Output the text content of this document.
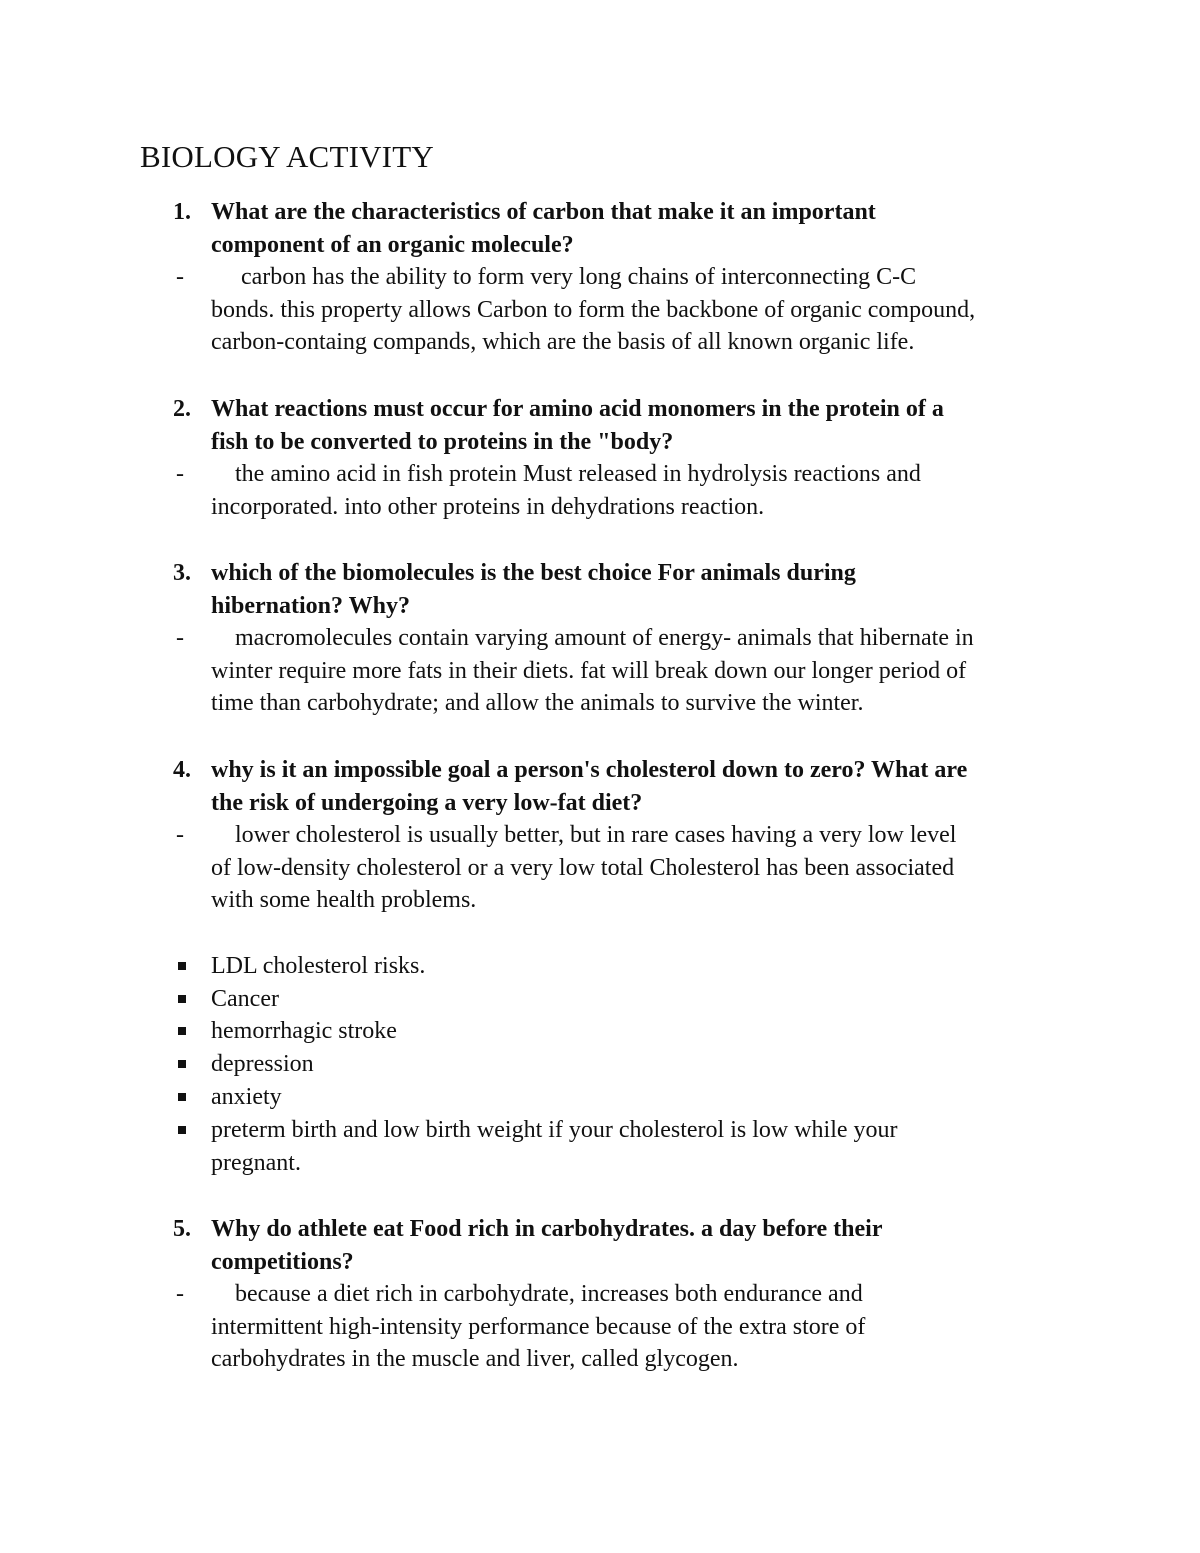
BIOLOGY ACTIVITY
1. What are the characteristics of carbon that make it an important
component of an organic molecule?
- carbon has the ability to form very long chains of interconnecting C-C
bonds. this property allows Carbon to form the backbone of organic compound,
carbon-containg compands, which are the basis of all known organic life.
2. What reactions must occur for amino acid monomers in the protein of a
fish to be converted to proteins in the "body?
- the amino acid in fish protein Must released in hydrolysis reactions and
incorporated. into other proteins in dehydrations reaction.
3. which of the biomolecules is the best choice For animals during
hibernation? Why?
- macromolecules contain varying amount of energy- animals that hibernate in
winter require more fats in their diets. fat will break down our longer period of
time than carbohydrate; and allow the animals to survive the winter.
4. why is it an impossible goal a person's cholesterol down to zero? What are
the risk of undergoing a very low-fat diet?
- lower cholesterol is usually better, but in rare cases having a very low level
of low-density cholesterol or a very low total Cholesterol has been associated
with some health problems.
LDL cholesterol risks.
Cancer
hemorrhagic stroke
depression
anxiety
preterm birth and low birth weight if your cholesterol is low while your
pregnant.
5. Why do athlete eat Food rich in carbohydrates. a day before their
competitions?
- because a diet rich in carbohydrate, increases both endurance and
intermittent high-intensity performance because of the extra store of
carbohydrates in the muscle and liver, called glycogen.
